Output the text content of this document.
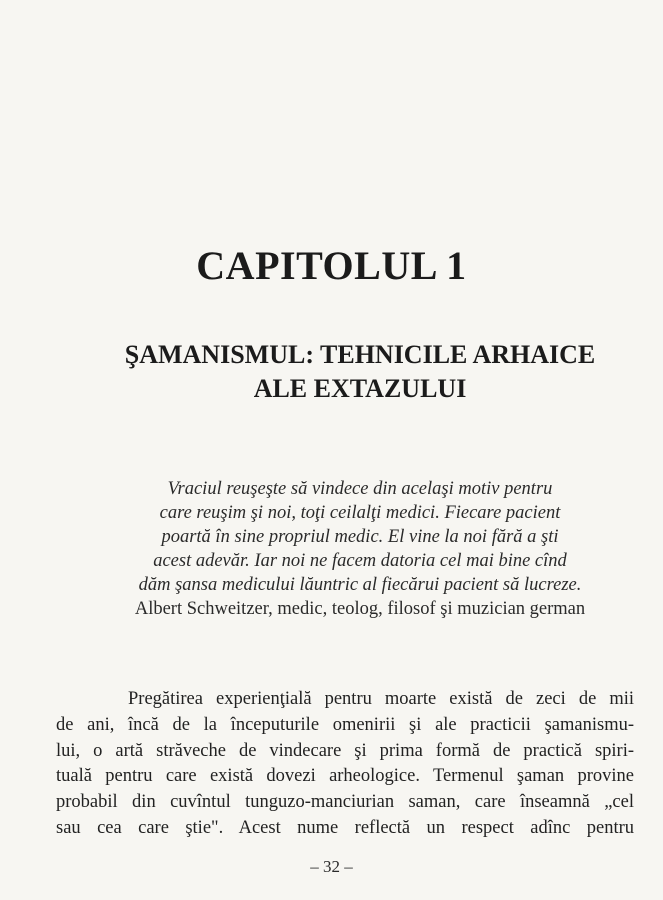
CAPITOLUL 1
ŞAMANISMUL: TEHNICILE ARHAICE
ALE EXTAZULUI
Vraciul reuşeşte să vindece din acelaşi motiv pentru
care reuşim şi noi, toţi ceilalţi medici. Fiecare pacient
poartă în sine propriul medic. El vine la noi fără a şti
acest adevăr. Iar noi ne facem datoria cel mai bine cînd
dăm şansa medicului lăuntric al fiecărui pacient să lucreze.
Albert Schweitzer, medic, teolog, filosof şi muzician german
Pregătirea experienţială pentru moarte există de zeci de mii
de ani, încă de la începuturile omenirii şi ale practicii şamanismu-
lui, o artă străveche de vindecare şi prima formă de practică spiri-
tuală pentru care există dovezi arheologice. Termenul şaman provine
probabil din cuvîntul tunguzo-manciurian saman, care înseamnă „cel
sau cea care ştie". Acest nume reflectă un respect adînc pentru
– 32 –
